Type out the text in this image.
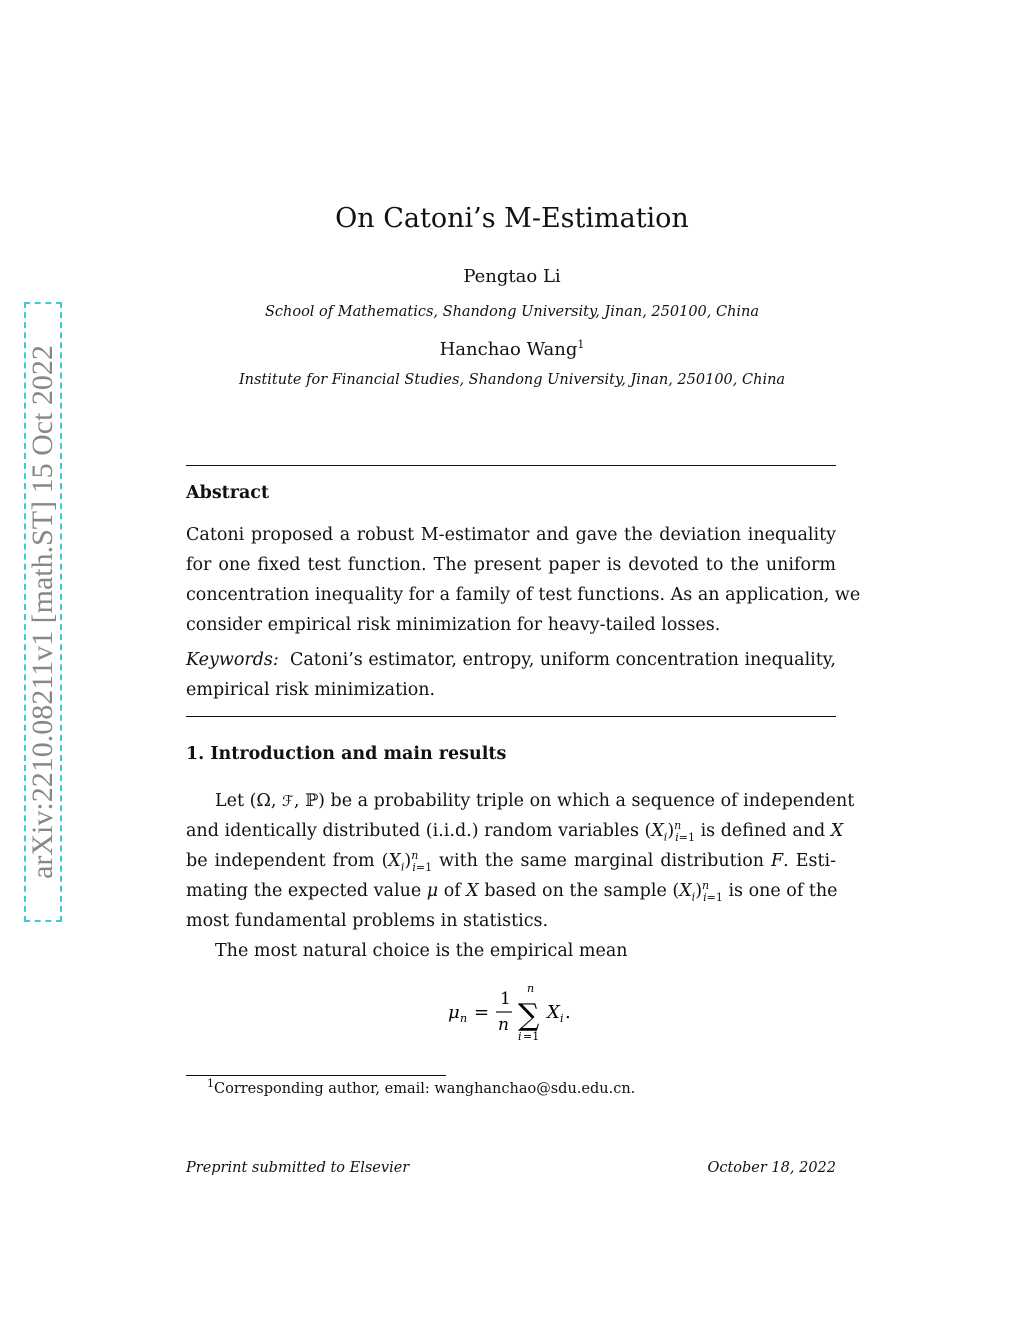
arXiv:2210.08211v1 [math.ST] 15 Oct 2022
On Catoni’s M-Estimation
Pengtao Li
School of Mathematics, Shandong University, Jinan, 250100, China
Hanchao Wang$^1$
Institute for Financial Studies, Shandong University, Jinan, 250100, China
Abstract
Catoni proposed a robust M-estimator and gave the deviation inequality
for one fixed test function. The present paper is devoted to the uniform
concentration inequality for a family of test functions. As an application, we
consider empirical risk minimization for heavy-tailed losses.
Keywords: Catoni’s estimator, entropy, uniform concentration inequality,
empirical risk minimization.
1. Introduction and main results
Let (Ω, ℱ, ℙ) be a probability triple on which a sequence of independent
and identically distributed (i.i.d.) random variables $(X_i)^n_{i=1}$ is defined and X
be independent from $(X_i)^n_{i=1}$ with the same marginal distribution F. Esti-
mating the expected value μ of X based on the sample $(X_i)^n_{i=1}$ is one of the
most fundamental problems in statistics.
The most natural choice is the empirical mean
μ n =
1
n ∑
n
i =1
X i .
$^1$Corresponding author, email: wanghanchao@sdu.edu.cn.
Preprint submitted to Elsevier	October 18, 2022
